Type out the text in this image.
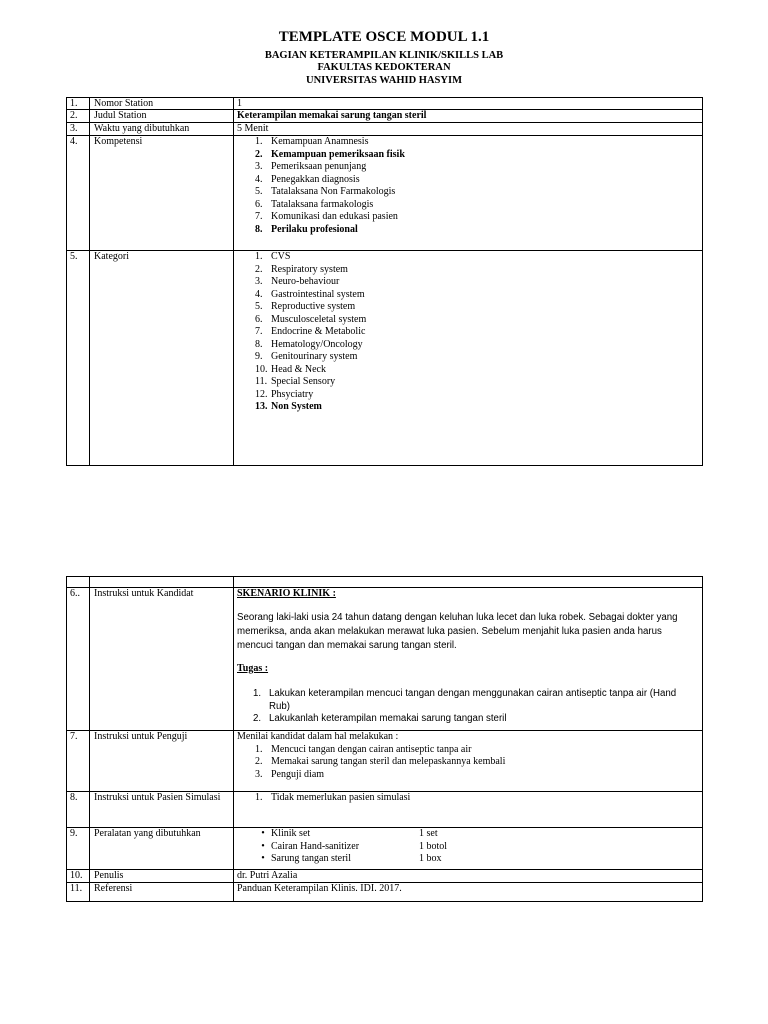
TEMPLATE OSCE MODUL 1.1
BAGIAN KETERAMPILAN KLINIK/SKILLS LAB
FAKULTAS KEDOKTERAN
UNIVERSITAS WAHID HASYIM
1.	Nomor Station	1
2.	Judul Station	Keterampilan memakai sarung tangan steril
3.	Waktu yang dibutuhkan	5 Menit
4.	Kompetensi	1. Kemampuan Anamnesis
2. Kemampuan pemeriksaan fisik
3. Pemeriksaan penunjang
4. Penegakkan diagnosis
5. Tatalaksana Non Farmakologis
6. Tatalaksana farmakologis
7. Komunikasi dan edukasi pasien
8. Perilaku profesional
5.	Kategori	1. CVS
2. Respiratory system
3. Neuro-behaviour
4. Gastrointestinal system
5. Reproductive system
6. Musculosceletal system
7. Endocrine & Metabolic
8. Hematology/Oncology
9. Genitourinary system
10. Head & Neck
11. Special Sensory
12. Phsyciatry
13. Non System
6..	Instruksi untuk Kandidat	SKENARIO KLINIK :

Seorang laki-laki usia 24 tahun datang dengan keluhan luka lecet dan luka robek. Sebagai dokter yang memeriksa, anda akan melakukan merawat luka pasien. Sebelum menjahit luka pasien anda harus mencuci tangan dan memakai sarung tangan steril.

Tugas :
1. Lakukan keterampilan mencuci tangan dengan menggunakan cairan antiseptic tanpa air (Hand Rub)
2. Lakukanlah keterampilan memakai sarung tangan steril
7.	Instruksi untuk Penguji	Menilai kandidat dalam hal melakukan :
1. Mencuci tangan dengan cairan antiseptic tanpa air
2. Memakai sarung tangan steril dan melepaskannya kembali
3. Penguji diam
8.	Instruksi untuk Pasien Simulasi	1. Tidak memerlukan pasien simulasi
9.	Peralatan yang dibutuhkan	• Klinik set	1 set
• Cairan Hand-sanitizer	1 botol
• Sarung tangan steril	1 box
10.	Penulis	dr. Putri Azalia
11.	Referensi	Panduan Keterampilan Klinis. IDI. 2017.
